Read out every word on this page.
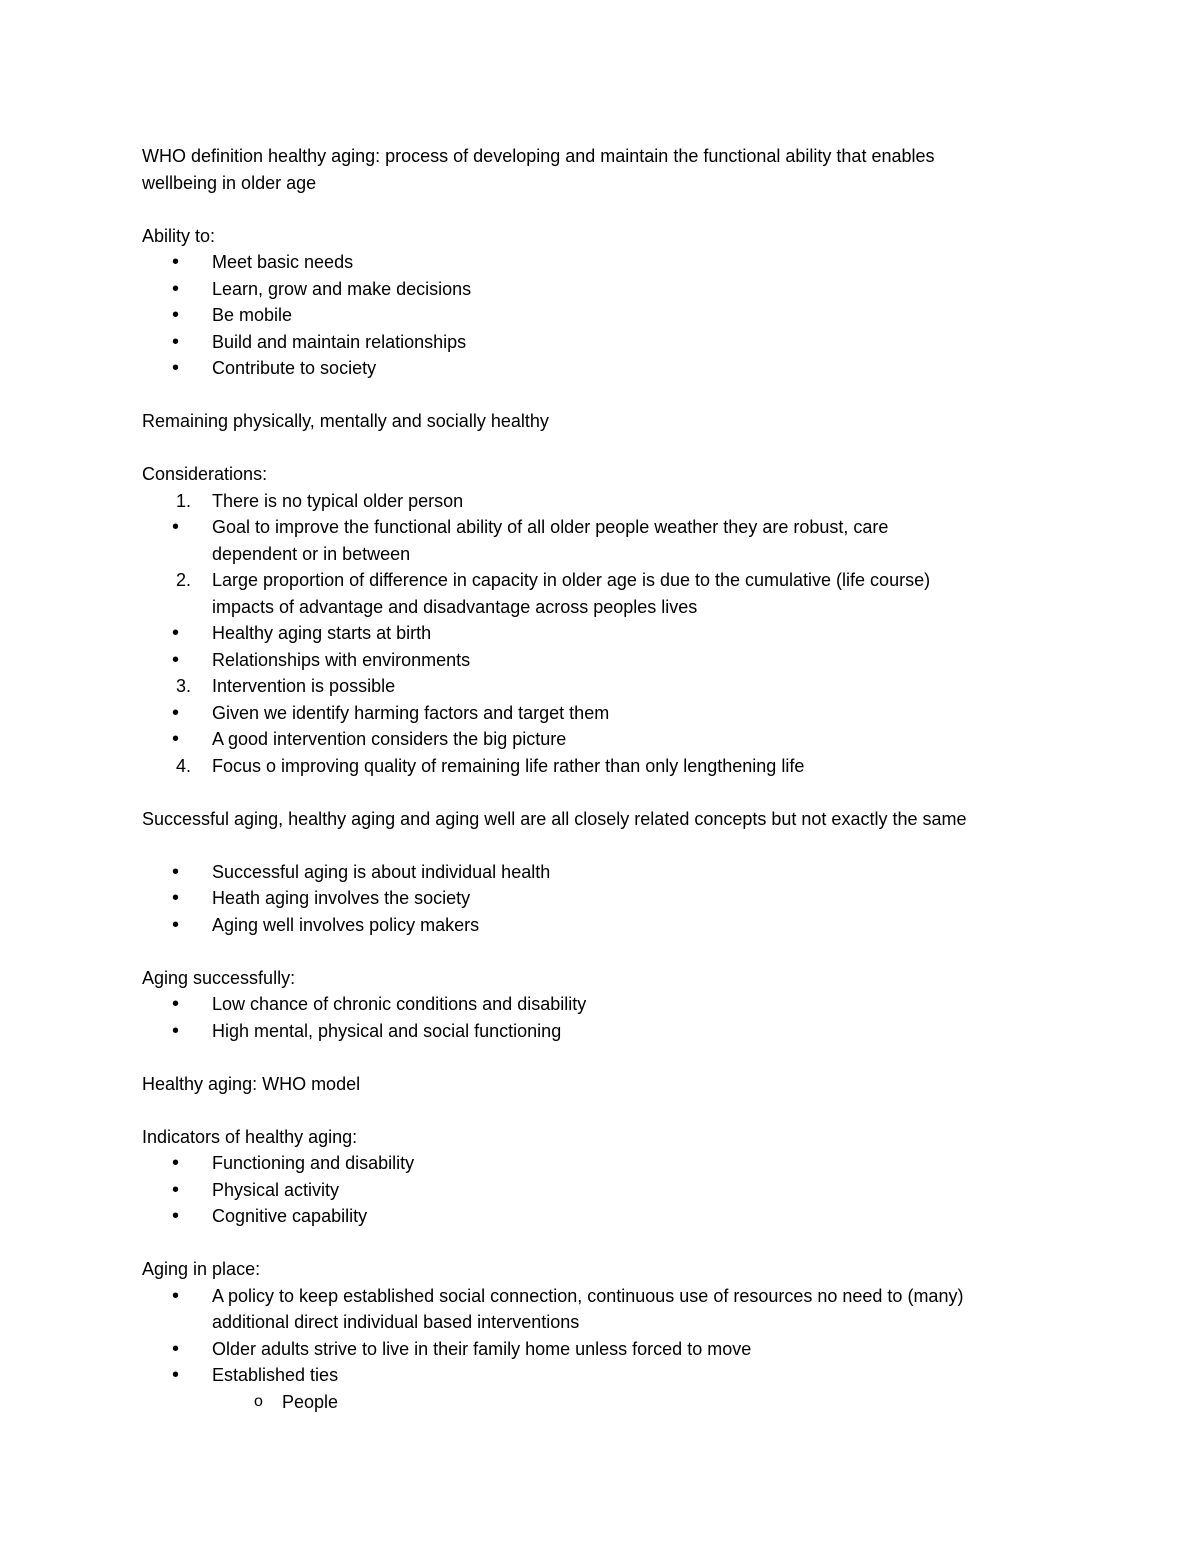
WHO definition healthy aging: process of developing and maintain the functional ability that enables

wellbeing in older age

Ability to:

• Meet basic needs
• Learn, grow and make decisions
• Be mobile
• Build and maintain relationships
• Contribute to society

Remaining physically, mentally and socially healthy

Considerations:

1. There is no typical older person
• Goal to improve the functional ability of all older people weather they are robust, care
dependent or in between
2. Large proportion of difference in capacity in older age is due to the cumulative (life course)
impacts of advantage and disadvantage across peoples lives
• Healthy aging starts at birth
• Relationships with environments
3. Intervention is possible
• Given we identify harming factors and target them
• A good intervention considers the big picture
4. Focus o improving quality of remaining life rather than only lengthening life

Successful aging, healthy aging and aging well are all closely related concepts but not exactly the same

• Successful aging is about individual health
• Heath aging involves the society
• Aging well involves policy makers

Aging successfully:

• Low chance of chronic conditions and disability
• High mental, physical and social functioning

Healthy aging: WHO model

Indicators of healthy aging:

• Functioning and disability
• Physical activity
• Cognitive capability

Aging in place:

• A policy to keep established social connection, continuous use of resources no need to (many)
additional direct individual based interventions
• Older adults strive to live in their family home unless forced to move
• Established ties
o People
